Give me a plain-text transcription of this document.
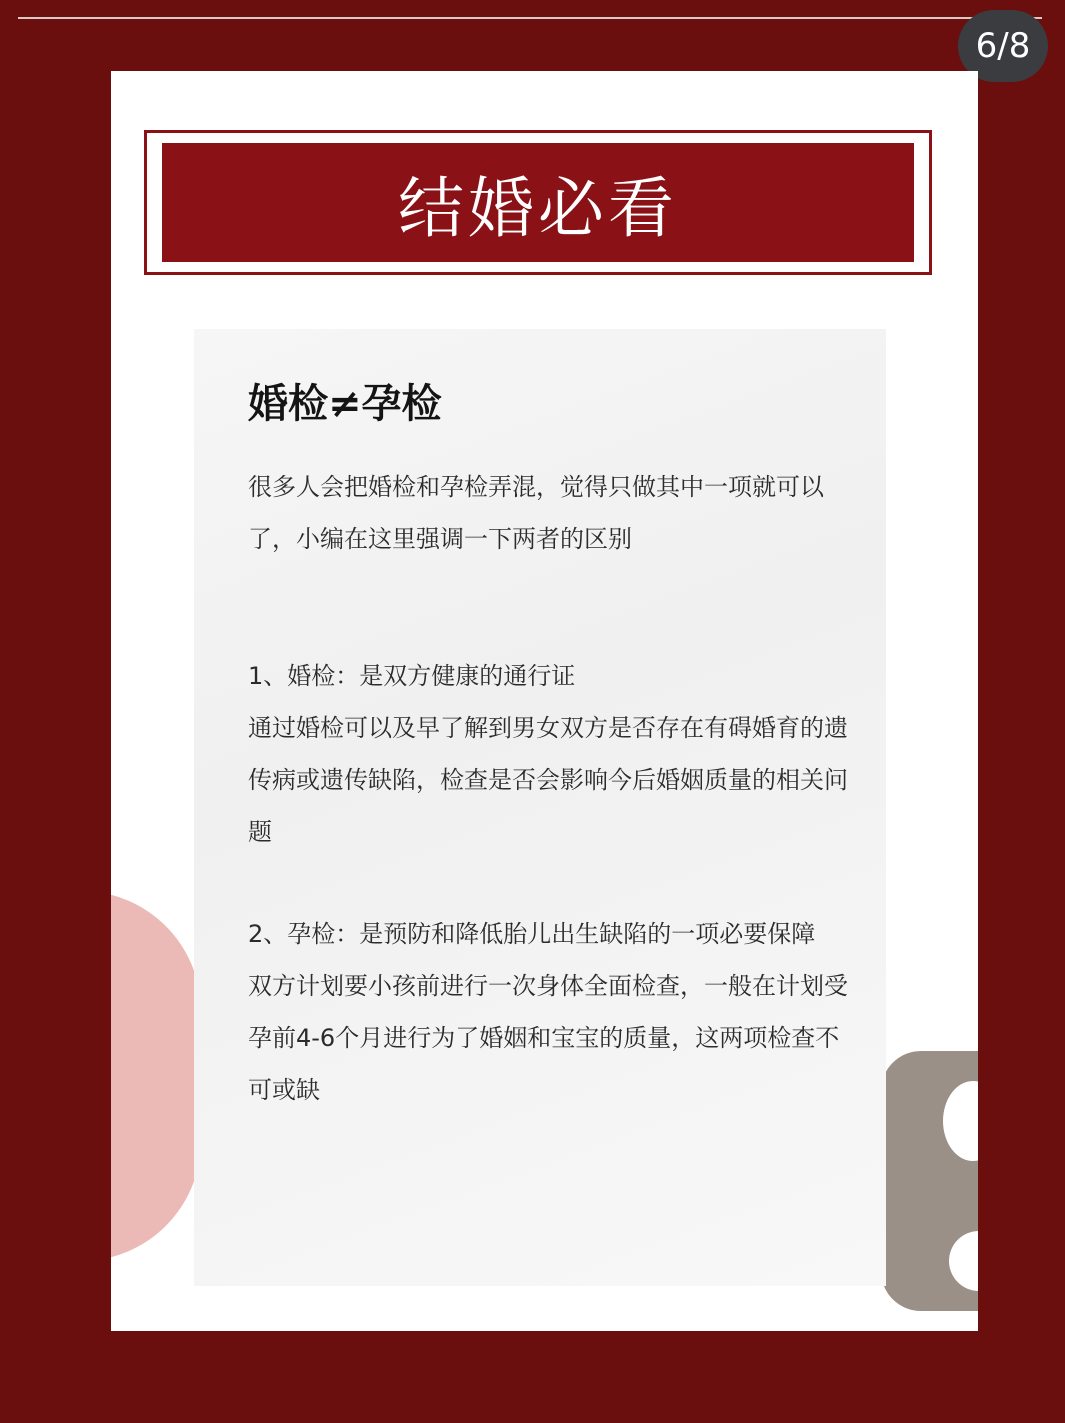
6/8
结婚必看
婚检≠孕检

很多人会把婚检和孕检弄混，觉得只做其中一项就可以了，小编在这里强调一下两者的区别

1、婚检：是双方健康的通行证

通过婚检可以及早了解到男女双方是否存在有碍婚育的遗传病或遗传缺陷，检查是否会影响今后婚姻质量的相关问题

2、孕检：是预防和降低胎儿出生缺陷的一项必要保障

双方计划要小孩前进行一次身体全面检查，一般在计划受孕前4-6个月进行为了婚姻和宝宝的质量，这两项检查不可或缺
